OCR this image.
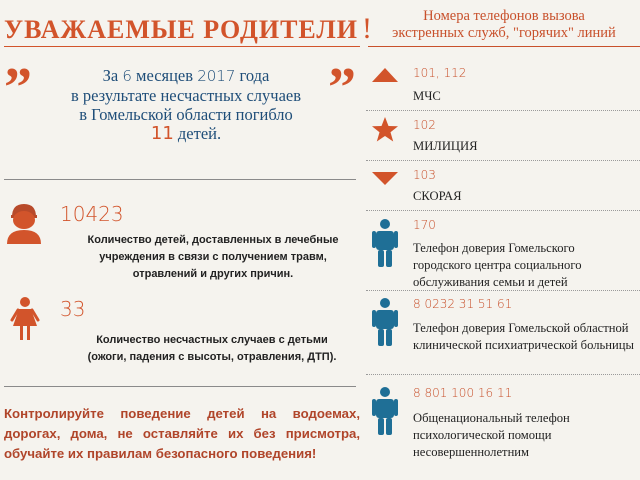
УВАЖАЕМЫЕ РОДИТЕЛИ !
”	”
За 6 месяцев 2017 года
в результате несчастных случаев
в Гомельской области погибло
11 детей.
10423
Количество детей, доставленных в лечебные учреждения в связи с получением травм, отравлений и других причин.
33
Количество несчастных случаев с детьми (ожоги, падения с высоты, отравления, ДТП).
Контролируйте поведение детей на водоемах, дорогах, дома, не оставляйте их без присмотра, обучайте их правилам безопасного поведения!
Номера телефонов вызова
экстренных служб, "горячих" линий
101, 112
МЧС
102
МИЛИЦИЯ
103
СКОРАЯ
170
Телефон доверия Гомельского городского центра социального обслуживания семьи и детей
8 0232 31 51 61
Телефон доверия Гомельской областной клинической психиатрической больницы
8 801 100 16 11
Общенациональный телефон психологической помощи несовершеннолетним
